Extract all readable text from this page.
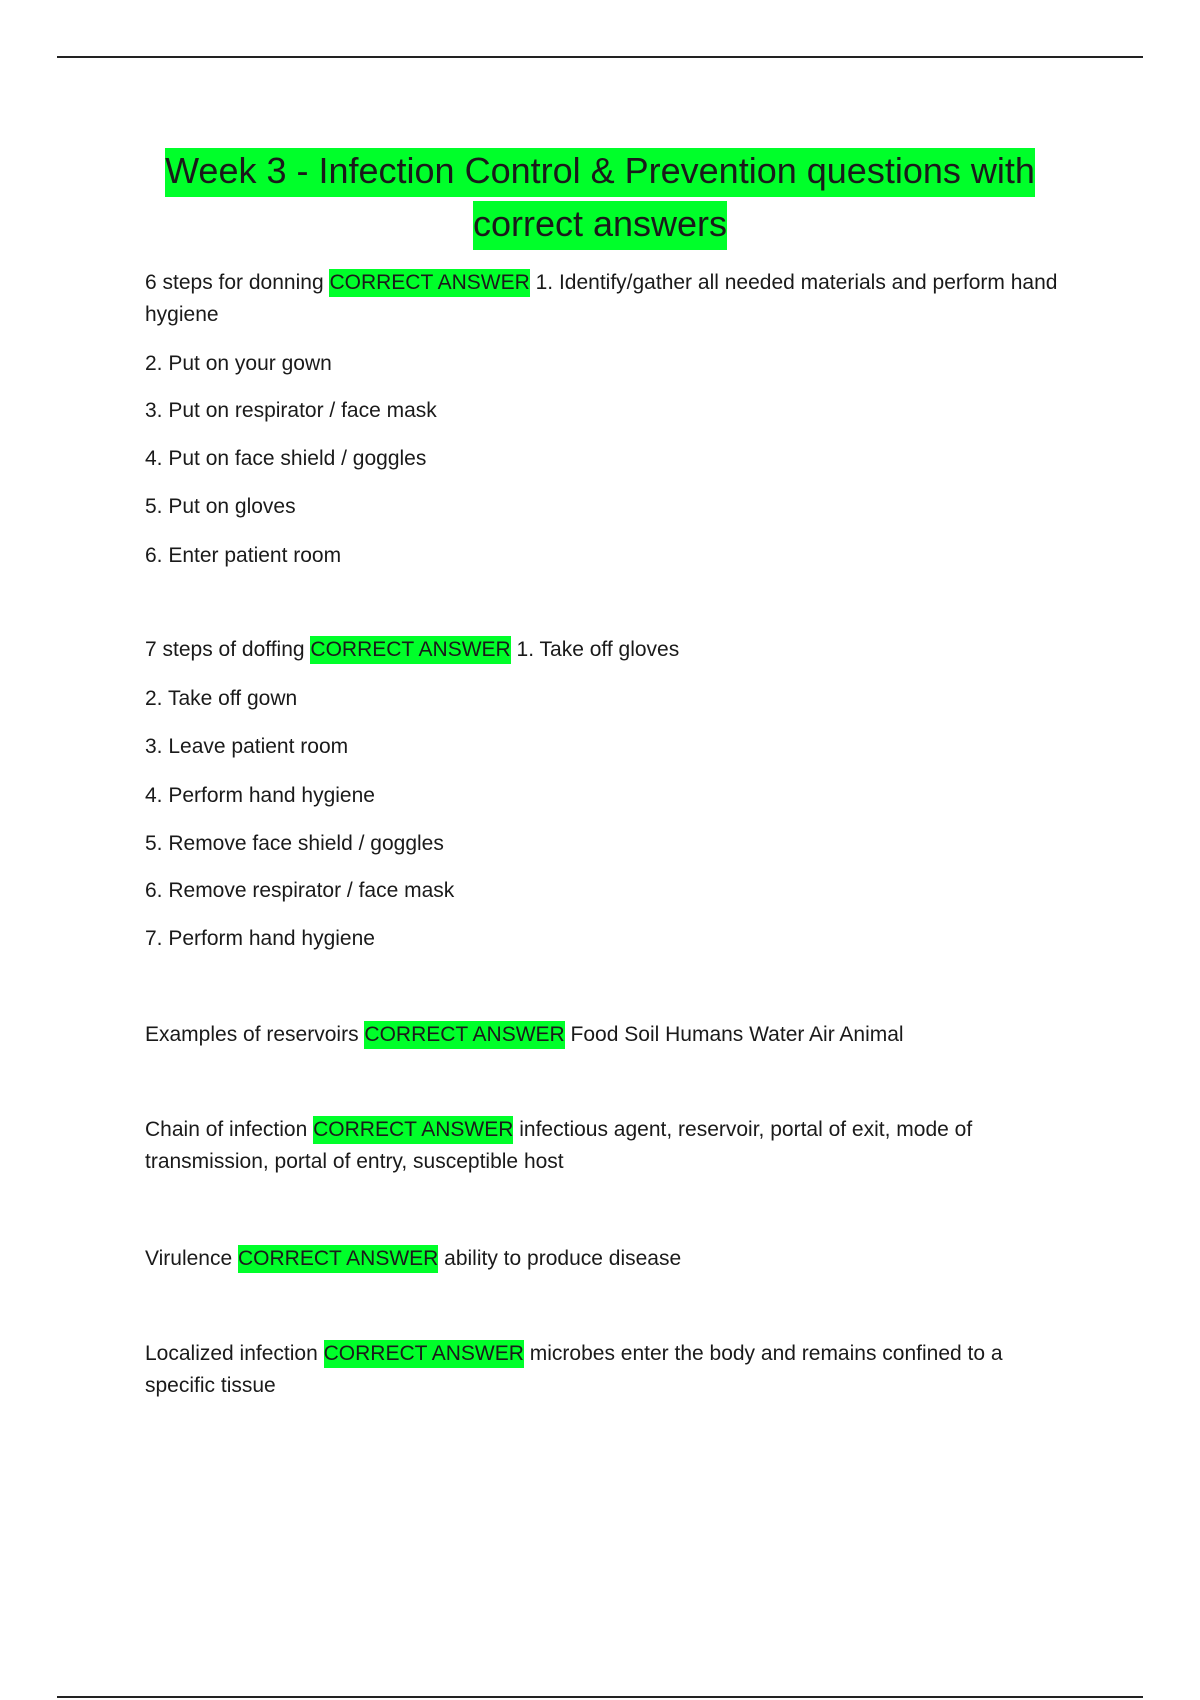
Week 3 - Infection Control & Prevention questions with
correct answers
6 steps for donning CORRECT ANSWER 1. Identify/gather all needed materials and perform hand hygiene
2. Put on your gown
3. Put on respirator / face mask
4. Put on face shield / goggles
5. Put on gloves
6. Enter patient room
7 steps of doffing CORRECT ANSWER 1. Take off gloves
2. Take off gown
3. Leave patient room
4. Perform hand hygiene
5. Remove face shield / goggles
6. Remove respirator / face mask
7. Perform hand hygiene
Examples of reservoirs CORRECT ANSWER Food Soil Humans Water Air Animal
Chain of infection CORRECT ANSWER infectious agent, reservoir, portal of exit, mode of transmission, portal of entry, susceptible host
Virulence CORRECT ANSWER ability to produce disease
Localized infection CORRECT ANSWER microbes enter the body and remains confined to a specific tissue
